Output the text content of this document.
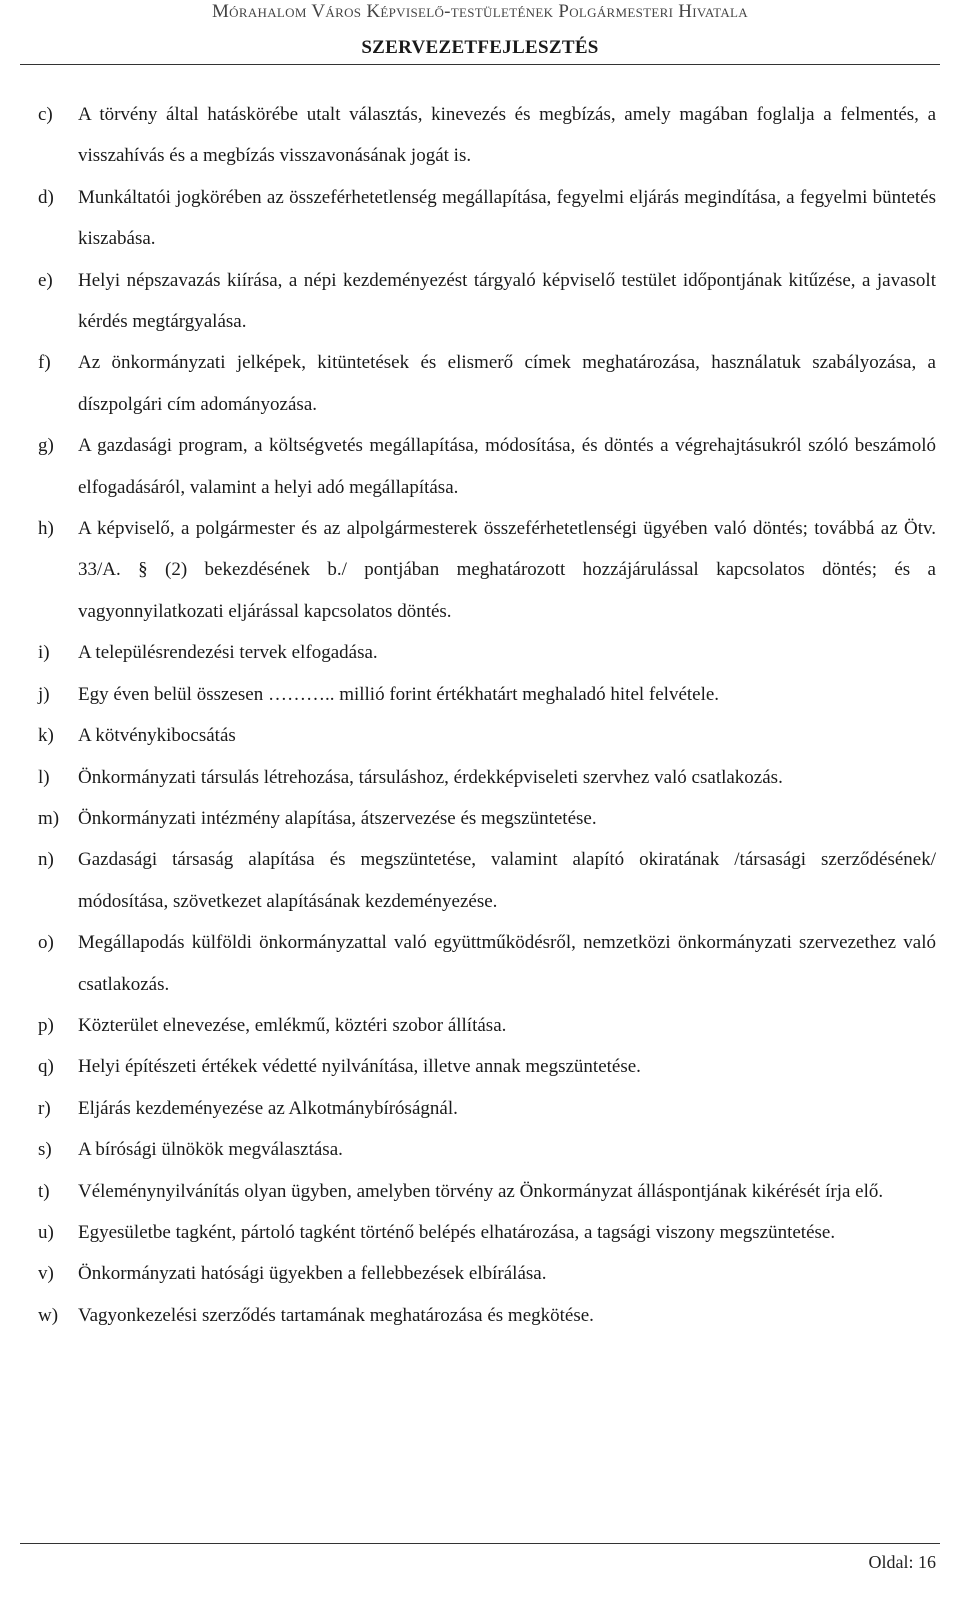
Mórahalom Város Képviselő-testületének Polgármesteri Hivatala
SZERVEZETFEJLESZTÉS
c)	A törvény által hatáskörébe utalt választás, kinevezés és megbízás, amely magában foglalja a felmentés, a visszahívás és a megbízás visszavonásának jogát is.
d)	Munkáltatói jogkörében az összeférhetetlenség megállapítása, fegyelmi eljárás megindítása, a fegyelmi büntetés kiszabása.
e)	Helyi népszavazás kiírása, a népi kezdeményezést tárgyaló képviselő testület időpontjának kitűzése, a javasolt kérdés megtárgyalása.
f)	Az önkormányzati jelképek, kitüntetések és elismerő címek meghatározása, használatuk szabályozása, a díszpolgári cím adományozása.
g)	A gazdasági program, a költségvetés megállapítása, módosítása, és döntés a végrehajtásukról szóló beszámoló elfogadásáról, valamint a helyi adó megállapítása.
h)	A képviselő, a polgármester és az alpolgármesterek összeférhetetlenségi ügyében való döntés; továbbá az Ötv. 33/A. § (2) bekezdésének b./ pontjában meghatározott hozzájárulással kapcsolatos döntés; és a vagyonnyilatkozati eljárással kapcsolatos döntés.
i)	A településrendezési tervek elfogadása.
j)	Egy éven belül összesen ……….. millió forint értékhatárt meghaladó hitel felvétele.
k)	A kötvénykibocsátás
l)	Önkormányzati társulás létrehozása, társuláshoz, érdekképviseleti szervhez való csatlakozás.
m) Önkormányzati intézmény alapítása, átszervezése és megszüntetése.
n)	Gazdasági társaság alapítása és megszüntetése, valamint alapító okiratának /társasági szerződésének/ módosítása, szövetkezet alapításának kezdeményezése.
o)	Megállapodás külföldi önkormányzattal való együttműködésről, nemzetközi önkormányzati szervezethez való csatlakozás.
p)	Közterület elnevezése, emlékmű, köztéri szobor állítása.
q)	Helyi építészeti értékek védetté nyilvánítása, illetve annak megszüntetése.
r)	Eljárás kezdeményezése az Alkotmánybíróságnál.
s)	A bírósági ülnökök megválasztása.
t)	Véleménynyilvánítás olyan ügyben, amelyben törvény az Önkormányzat álláspontjának kikérését írja elő.
u)	Egyesületbe tagként, pártoló tagként történő belépés elhatározása, a tagsági viszony megszüntetése.
v)	Önkormányzati hatósági ügyekben a fellebbezések elbírálása.
w)	Vagyonkezelési szerződés tartamának meghatározása és megkötése.
Oldal: 16
